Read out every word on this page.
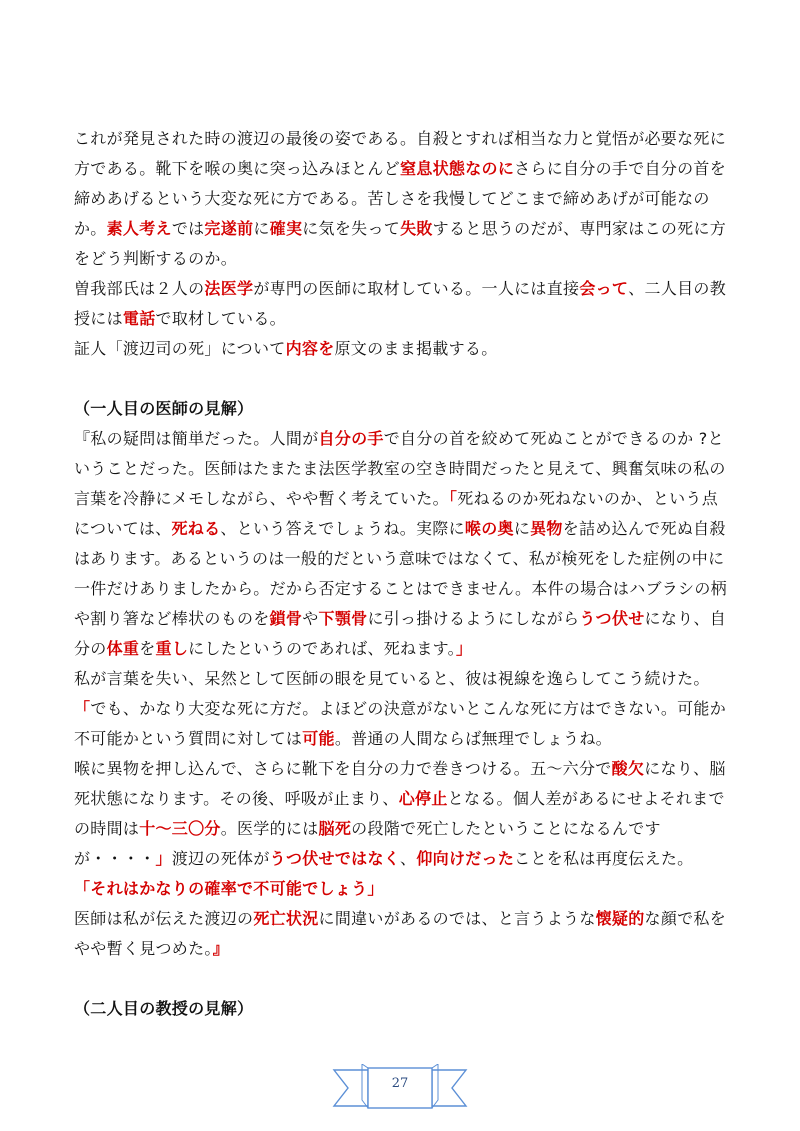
これが発見された時の渡辺の最後の姿である。自殺とすれば相当な力と覚悟が必要な死に
方である。靴下を喉の奥に突っ込みほとんど窒息状態なのにさらに自分の手で自分の首を
締めあげるという大変な死に方である。苦しさを我慢してどこまで締めあげが可能なの
か。素人考えでは完遂前に確実に気を失って失敗すると思うのだが、専門家はこの死に方
をどう判断するのか。
曽我部氏は２人の法医学が専門の医師に取材している。一人には直接会って、二人目の教
授には電話で取材している。
証人「渡辺司の死」について内容を原文のまま掲載する。
（一人目の医師の見解）
『私の疑問は簡単だった。人間が自分の手で自分の首を絞めて死ぬことができるのか ?と
いうことだった。医師はたまたま法医学教室の空き時間だったと見えて、興奮気味の私の
言葉を冷静にメモしながら、やや暫く考えていた。「死ねるのか死ねないのか、という点
については、死ねる、という答えでしょうね。実際に喉の奥に異物を詰め込んで死ぬ自殺
はあります。あるというのは一般的だという意味ではなくて、私が検死をした症例の中に
一件だけありましたから。だから否定することはできません。本件の場合はハブラシの柄
や割り箸など棒状のものを鎖骨や下顎骨に引っ掛けるようにしながらうつ伏せになり、自
分の体重を重しにしたというのであれば、死ねます。」
私が言葉を失い、呆然として医師の眼を見ていると、彼は視線を逸らしてこう続けた。
「でも、かなり大変な死に方だ。よほどの決意がないとこんな死に方はできない。可能か
不可能かという質問に対しては可能。普通の人間ならば無理でしょうね。
喉に異物を押し込んで、さらに靴下を自分の力で巻きつける。五～六分で酸欠になり、脳
死状態になります。その後、呼吸が止まり、心停止となる。個人差があるにせよそれまで
の時間は十～三〇分。医学的には脳死の段階で死亡したということになるんです
が・・・・」渡辺の死体がうつ伏せではなく、仰向けだったことを私は再度伝えた。
「それはかなりの確率で不可能でしょう」
医師は私が伝えた渡辺の死亡状況に間違いがあるのでは、と言うような懐疑的な顔で私を
やや暫く見つめた。』
（二人目の教授の見解）
27
